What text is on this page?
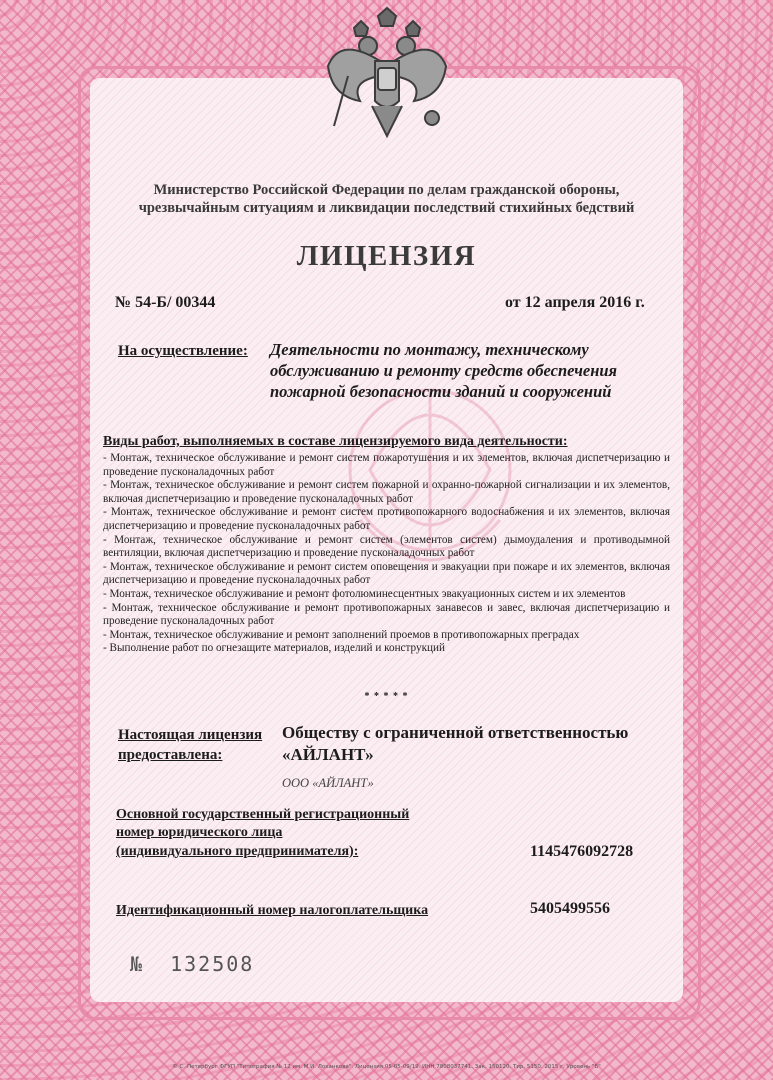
Министерство Российской Федерации по делам гражданской обороны,
чрезвычайным ситуациям и ликвидации последствий стихийных бедствий
ЛИЦЕНЗИЯ
№ 54-Б/ 00344	от 12 апреля 2016 г.
На осуществление: Деятельности по монтажу, техническому
обслуживанию и ремонту средств обеспечения
пожарной безопасности зданий и сооружений
Виды работ, выполняемых в составе лицензируемого вида деятельности:
- Монтаж, техническое обслуживание и ремонт систем пожаротушения и их элементов, включая диспетчеризацию и проведение пусконаладочных работ
- Монтаж, техническое обслуживание и ремонт систем пожарной и охранно-пожарной сигнализации и их элементов, включая диспетчеризацию и проведение пусконаладочных работ
- Монтаж, техническое обслуживание и ремонт систем противопожарного водоснабжения и их элементов, включая диспетчеризацию и проведение пусконаладочных работ
- Монтаж, техническое обслуживание и ремонт систем (элементов систем) дымоудаления и противодымной вентиляции, включая диспетчеризацию и проведение пусконаладочных работ
- Монтаж, техническое обслуживание и ремонт систем оповещения и эвакуации при пожаре и их элементов, включая диспетчеризацию и проведение пусконаладочных работ
- Монтаж, техническое обслуживание и ремонт фотолюминесцентных эвакуационных систем и их элементов
- Монтаж, техническое обслуживание и ремонт противопожарных занавесов и завес, включая диспетчеризацию и проведение пусконаладочных работ
- Монтаж, техническое обслуживание и ремонт заполнений проемов в противопожарных преградах
- Выполнение работ по огнезащите материалов, изделий и конструкций
* * * * *
Настоящая лицензия
предоставлена:
Обществу с ограниченной ответственностью
«АЙЛАНТ»
ООО «АЙЛАНТ»
Основной государственный регистрационный
номер юридического лица
(индивидуального предпринимателя):	1145476092728
Идентификационный номер налогоплательщика	5405499556
№ 132508
© С.-Петербург ФГУП "Типография № 12 им. М.И. Лоханкова". Лицензия 05-05-09/19. ИНН 7808037741. Зак. 150120. Тир. 5150. 2015 г. Уровень "Б"
